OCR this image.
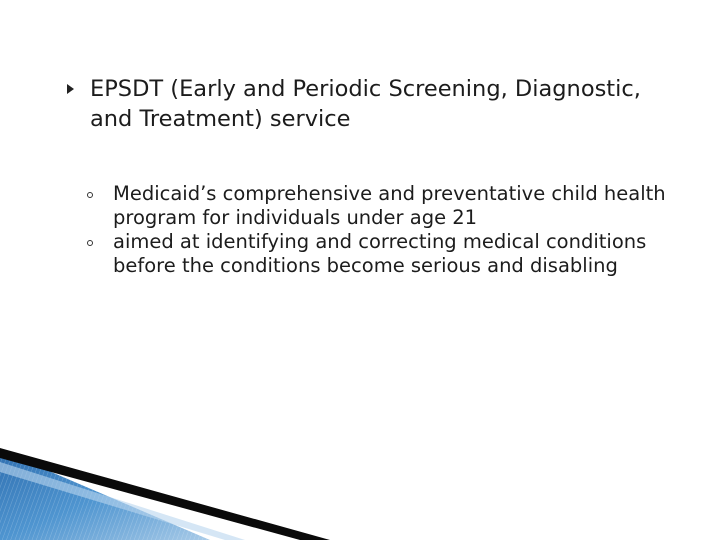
EPSDT (Early and Periodic Screening, Diagnostic, and Treatment) service
Medicaid’s comprehensive and preventative child health program for individuals under age 21
aimed at identifying and correcting medical conditions before the conditions become serious and disabling
